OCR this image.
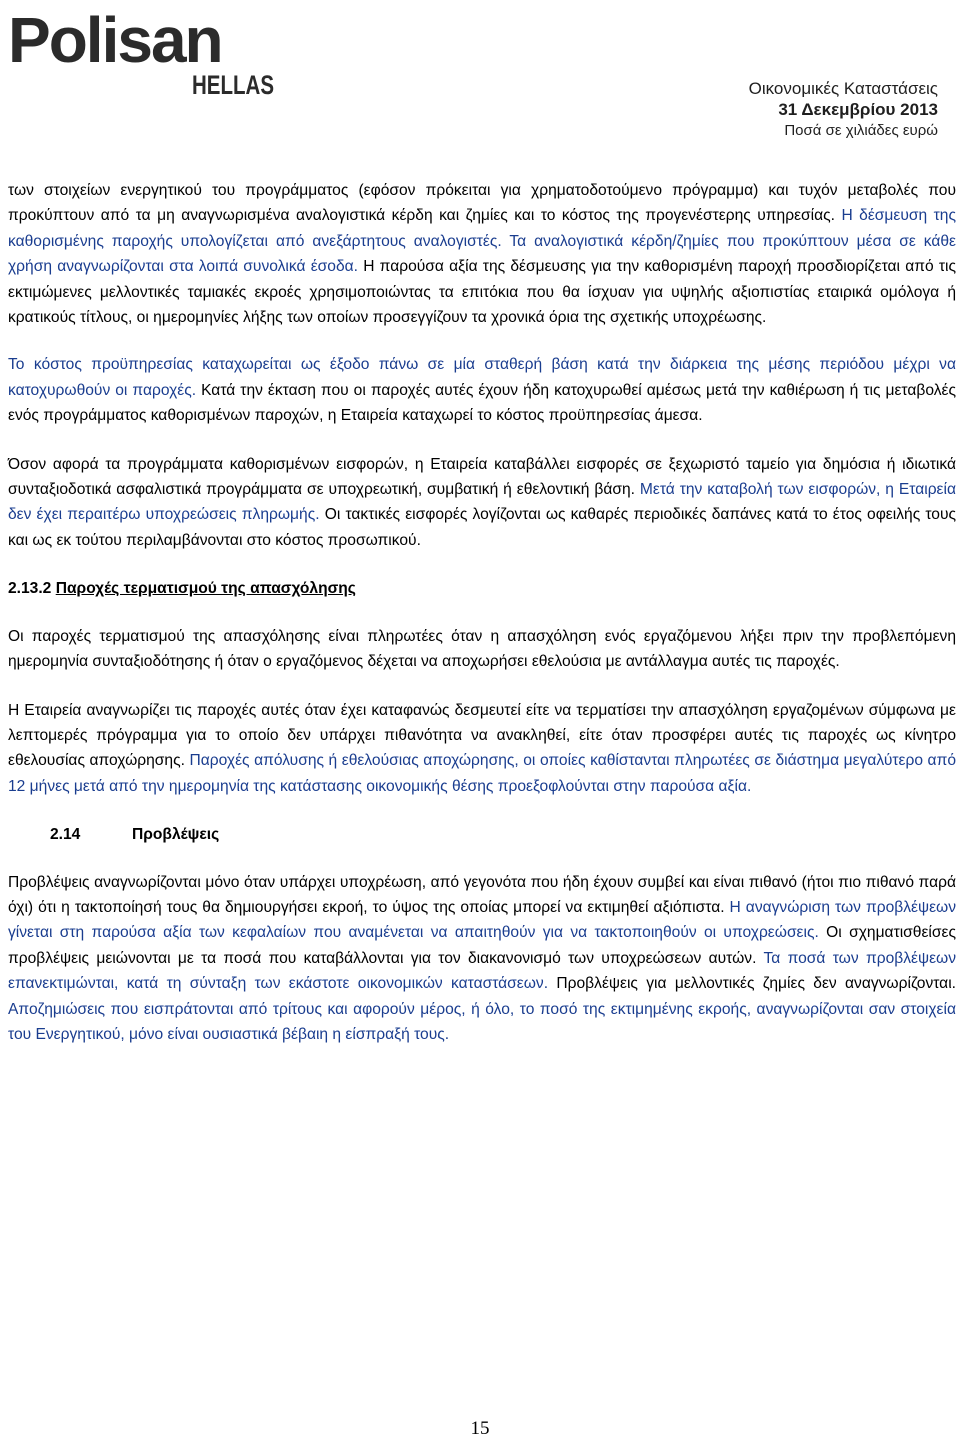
Polisan
HELLAS	Οικονομικές Καταστάσεις
31 Δεκεμβρίου 2013
Ποσά σε χιλιάδες ευρώ

των στοιχείων ενεργητικού του προγράμματος (εφόσον πρόκειται για χρηματοδοτούμενο πρόγραμμα) και τυχόν μεταβολές που προκύπτουν από τα μη αναγνωρισμένα αναλογιστικά κέρδη και ζημίες και το κόστος της προγενέστερης υπηρεσίας. Η δέσμευση της καθορισμένης παροχής υπολογίζεται από ανεξάρτητους αναλογιστές. Τα αναλογιστικά κέρδη/ζημίες που προκύπτουν μέσα σε κάθε χρήση αναγνωρίζονται στα λοιπά συνολικά έσοδα. Η παρούσα αξία της δέσμευσης για την καθορισμένη παροχή προσδιορίζεται από τις εκτιμώμενες μελλοντικές ταμιακές εκροές χρησιμοποιώντας τα επιτόκια που θα ίσχυαν για υψηλής αξιοπιστίας εταιρικά ομόλογα ή κρατικούς τίτλους, οι ημερομηνίες λήξης των οποίων προσεγγίζουν τα χρονικά όρια της σχετικής υποχρέωσης.

Το κόστος προϋπηρεσίας καταχωρείται ως έξοδο πάνω σε μία σταθερή βάση κατά την διάρκεια της μέσης περιόδου μέχρι να κατοχυρωθούν οι παροχές. Κατά την έκταση που οι παροχές αυτές έχουν ήδη κατοχυρωθεί αμέσως μετά την καθιέρωση ή τις μεταβολές ενός προγράμματος καθορισμένων παροχών, η Εταιρεία καταχωρεί το κόστος προϋπηρεσίας άμεσα.

Όσον αφορά τα προγράμματα καθορισμένων εισφορών, η Εταιρεία καταβάλλει εισφορές σε ξεχωριστό ταμείο για δημόσια ή ιδιωτικά συνταξιοδοτικά ασφαλιστικά προγράμματα σε υποχρεωτική, συμβατική ή εθελοντική βάση. Μετά την καταβολή των εισφορών, η Εταιρεία δεν έχει περαιτέρω υποχρεώσεις πληρωμής. Οι τακτικές εισφορές λογίζονται ως καθαρές περιοδικές δαπάνες κατά το έτος οφειλής τους και ως εκ τούτου περιλαμβάνονται στο κόστος προσωπικού.

2.13.2 Παροχές τερματισμού της απασχόλησης

Οι παροχές τερματισμού της απασχόλησης είναι πληρωτέες όταν η απασχόληση ενός εργαζόμενου λήξει πριν την προβλεπόμενη ημερομηνία συνταξιοδότησης ή όταν ο εργαζόμενος δέχεται να αποχωρήσει εθελούσια με αντάλλαγμα αυτές τις παροχές.

Η Εταιρεία αναγνωρίζει τις παροχές αυτές όταν έχει καταφανώς δεσμευτεί είτε να τερματίσει την απασχόληση εργαζομένων σύμφωνα με λεπτομερές πρόγραμμα για το οποίο δεν υπάρχει πιθανότητα να ανακληθεί, είτε όταν προσφέρει αυτές τις παροχές ως κίνητρο εθελουσίας αποχώρησης. Παροχές απόλυσης ή εθελούσιας αποχώρησης, οι οποίες καθίστανται πληρωτέες σε διάστημα μεγαλύτερο από 12 μήνες μετά από την ημερομηνία της κατάστασης οικονομικής θέσης προεξοφλούνται στην παρούσα αξία.

2.14	Προβλέψεις

Προβλέψεις αναγνωρίζονται μόνο όταν υπάρχει υποχρέωση, από γεγονότα που ήδη έχουν συμβεί και είναι πιθανό (ήτοι πιο πιθανό παρά όχι) ότι η τακτοποίησή τους θα δημιουργήσει εκροή, το ύψος της οποίας μπορεί να εκτιμηθεί αξιόπιστα. Η αναγνώριση των προβλέψεων γίνεται στη παρούσα αξία των κεφαλαίων που αναμένεται να απαιτηθούν για να τακτοποιηθούν οι υποχρεώσεις. Οι σχηματισθείσες προβλέψεις μειώνονται με τα ποσά που καταβάλλονται για τον διακανονισμό των υποχρεώσεων αυτών. Τα ποσά των προβλέψεων επανεκτιμώνται, κατά τη σύνταξη των εκάστοτε οικονομικών καταστάσεων. Προβλέψεις για μελλοντικές ζημίες δεν αναγνωρίζονται. Αποζημιώσεις που εισπράτονται από τρίτους και αφορούν μέρος, ή όλο, το ποσό της εκτιμημένης εκροής, αναγνωρίζονται σαν στοιχεία του Ενεργητικού, μόνο είναι ουσιαστικά βέβαιη η είσπραξή τους.

15
